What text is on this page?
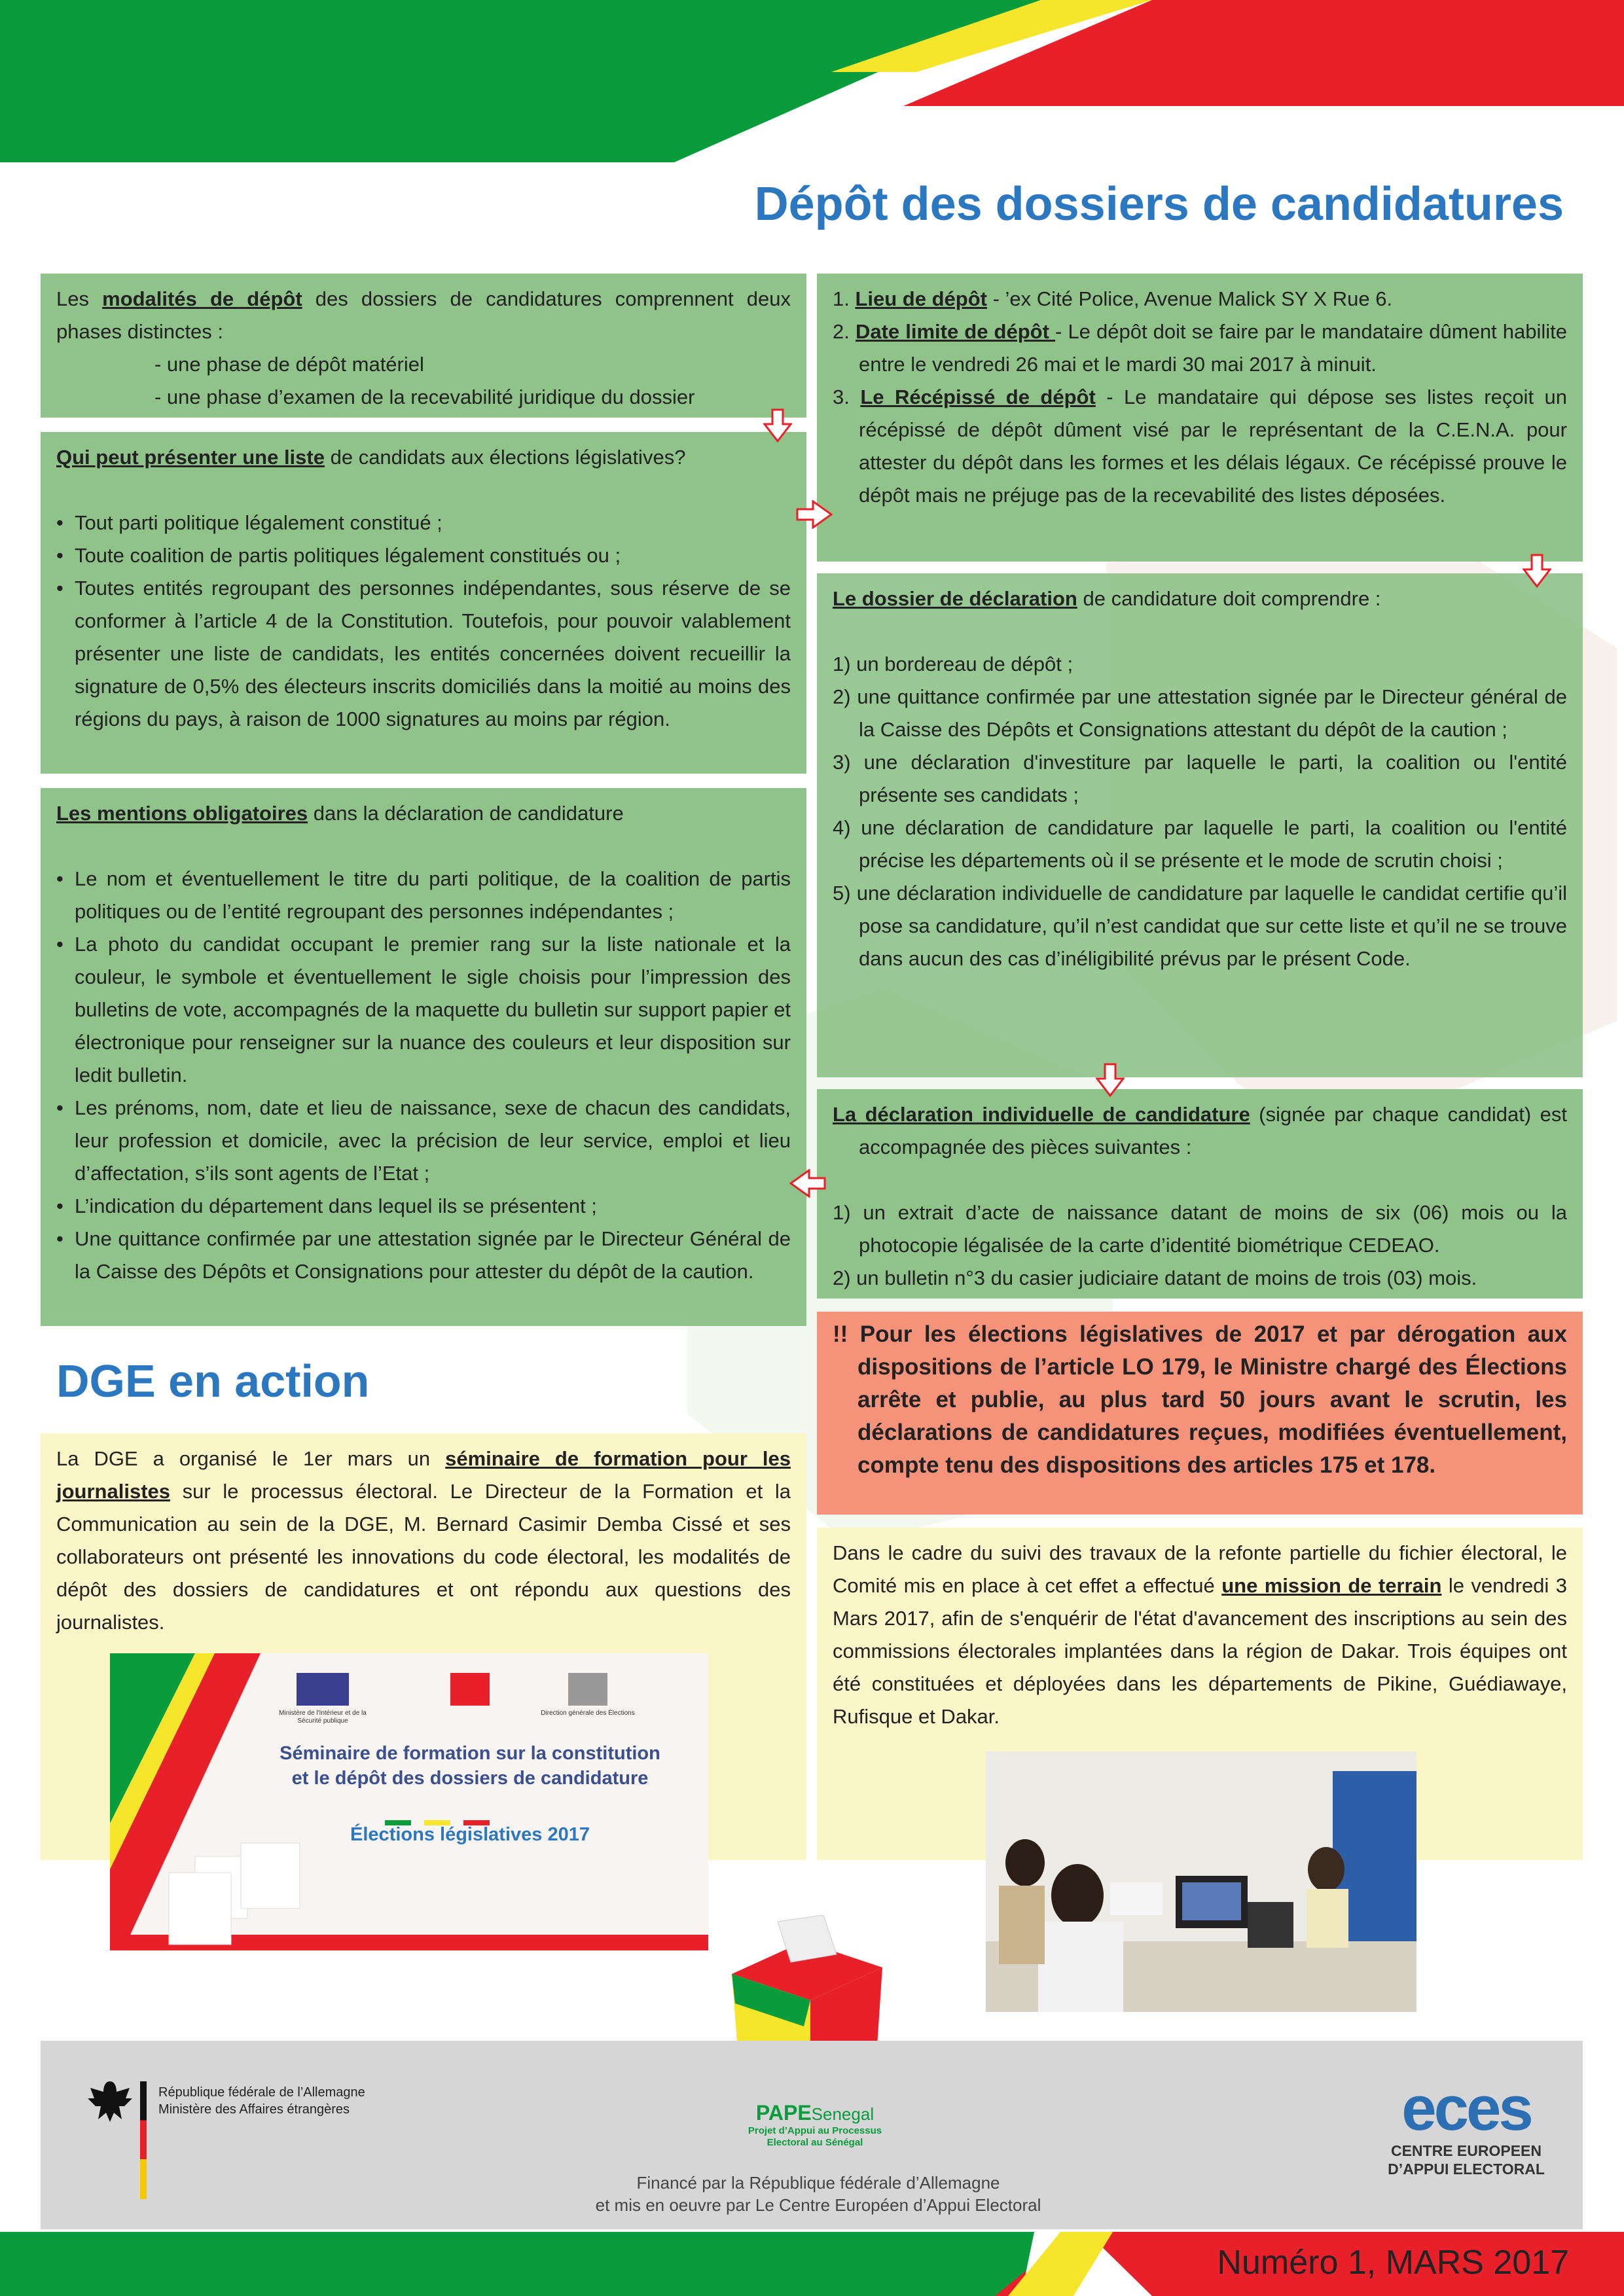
Dépôt des dossiers de candidatures
Les modalités de dépôt des dossiers de candidatures comprennent deux phases distinctes :
- une phase de dépôt matériel
- une phase d’examen de la recevabilité juridique du dossier
Qui peut présenter une liste de candidats aux élections législatives?
• Tout parti politique légalement constitué ;
• Toute coalition de partis politiques légalement constitués ou ;
• Toutes entités regroupant des personnes indépendantes, sous réserve de se conformer à l’article 4 de la Constitution. Toutefois, pour pouvoir valablement présenter une liste de candidats, les entités concernées doivent recueillir la signature de 0,5% des électeurs inscrits domiciliés dans la moitié au moins des régions du pays, à raison de 1000 signatures au moins par région.
Les mentions obligatoires dans la déclaration de candidature
• Le nom et éventuellement le titre du parti politique, de la coalition de partis politiques ou de l’entité regroupant des personnes indépendantes ;
• La photo du candidat occupant le premier rang sur la liste nationale et la couleur, le symbole et éventuellement le sigle choisis pour l’impression des bulletins de vote, accompagnés de la maquette du bulletin sur support papier et électronique pour renseigner sur la nuance des couleurs et leur disposition sur ledit bulletin.
• Les prénoms, nom, date et lieu de naissance, sexe de chacun des candidats, leur profession et domicile, avec la précision de leur service, emploi et lieu d’affectation, s’ils sont agents de l’Etat ;
• L’indication du département dans lequel ils se présentent ;
• Une quittance confirmée par une attestation signée par le Directeur Général de la Caisse des Dépôts et Consignations pour attester du dépôt de la caution.
DGE en action
La DGE a organisé le 1er mars un séminaire de formation pour les journalistes sur le processus électoral. Le Directeur de la Formation et la Communication au sein de la DGE, M. Bernard Casimir Demba Cissé et ses collaborateurs ont présenté les innovations du code électoral, les modalités de dépôt des dossiers de candidatures et ont répondu aux questions des journalistes.
Ministère de l'Intérieur et de la Sécurité publique
Direction générale des Élections
Séminaire de formation sur la constitution
et le dépôt des dossiers de candidature
Élections législatives 2017
1. Lieu de dépôt - ’ex Cité Police, Avenue Malick SY X Rue 6.
2. Date limite de dépôt - Le dépôt doit se faire par le mandataire dûment habilite entre le vendredi 26 mai et le mardi 30 mai 2017 à minuit.
3. Le Récépissé de dépôt - Le mandataire qui dépose ses listes reçoit un récépissé de dépôt dûment visé par le représentant de la C.E.N.A. pour attester du dépôt dans les formes et les délais légaux. Ce récépissé prouve le dépôt mais ne préjuge pas de la recevabilité des listes déposées.
Le dossier de déclaration de candidature doit comprendre :
1) un bordereau de dépôt ;
2) une quittance confirmée par une attestation signée par le Directeur général de la Caisse des Dépôts et Consignations attestant du dépôt de la caution ;
3) une déclaration d'investiture par laquelle le parti, la coalition ou l'entité présente ses candidats ;
4) une déclaration de candidature par laquelle le parti, la coalition ou l'entité précise les départements où il se présente et le mode de scrutin choisi ;
5) une déclaration individuelle de candidature par laquelle le candidat certifie qu’il pose sa candidature, qu’il n’est candidat que sur cette liste et qu’il ne se trouve dans aucun des cas d’inéligibilité prévus par le présent Code.
La déclaration individuelle de candidature (signée par chaque candidat) est accompagnée des pièces suivantes :
1) un extrait d’acte de naissance datant de moins de six (06) mois ou la photocopie légalisée de la carte d’identité biométrique CEDEAO.
2) un bulletin n°3 du casier judiciaire datant de moins de trois (03) mois.
!! Pour les élections législatives de 2017 et par dérogation aux dispositions de l’article LO 179, le Ministre chargé des Élections arrête et publie, au plus tard 50 jours avant le scrutin, les déclarations de candidatures reçues, modifiées éventuellement, compte tenu des dispositions des articles 175 et 178.
Dans le cadre du suivi des travaux de la refonte partielle du fichier électoral, le Comité mis en place à cet effet a effectué une mission de terrain le vendredi 3 Mars 2017, afin de s'enquérir de l'état d'avancement des inscriptions au sein des commissions électorales implantées dans la région de Dakar. Trois équipes ont été constituées et déployées dans les départements de Pikine, Guédiawaye, Rufisque et Dakar.
République fédérale de l’Allemagne
Ministère des Affaires étrangères	PAPESenegal
Projet d’Appui au Processus
Electoral au Sénégal
Financé par la République fédérale d’Allemagne
et mis en oeuvre par Le Centre Européen d’Appui Electoral
eces
CENTRE EUROPEEN
D’APPUI ELECTORAL
Numéro 1, MARS 2017
